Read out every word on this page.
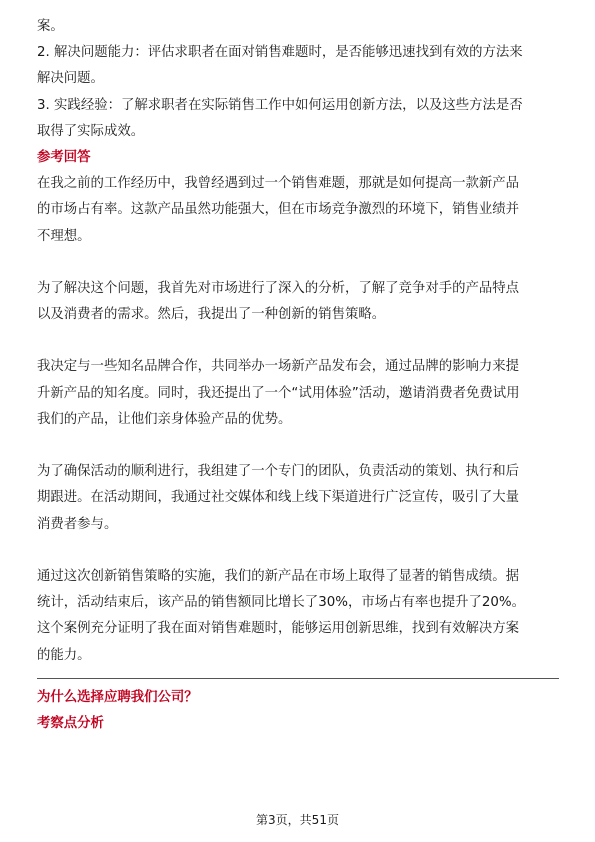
案。

2. 解决问题能力：评估求职者在面对销售难题时，是否能够迅速找到有效的方法来

解决问题。

3. 实践经验：了解求职者在实际销售工作中如何运用创新方法，以及这些方法是否

取得了实际成效。

参考回答

在我之前的工作经历中，我曾经遇到过一个销售难题，那就是如何提高一款新产品

的市场占有率。这款产品虽然功能强大，但在市场竞争激烈的环境下，销售业绩并

不理想。

为了解决这个问题，我首先对市场进行了深入的分析，了解了竞争对手的产品特点

以及消费者的需求。然后，我提出了一种创新的销售策略。

我决定与一些知名品牌合作，共同举办一场新产品发布会，通过品牌的影响力来提

升新产品的知名度。同时，我还提出了一个“试用体验”活动，邀请消费者免费试用

我们的产品，让他们亲身体验产品的优势。

为了确保活动的顺利进行，我组建了一个专门的团队，负责活动的策划、执行和后

期跟进。在活动期间，我通过社交媒体和线上线下渠道进行广泛宣传，吸引了大量

消费者参与。

通过这次创新销售策略的实施，我们的新产品在市场上取得了显著的销售成绩。据

统计，活动结束后，该产品的销售额同比增长了30%，市场占有率也提升了20%。

这个案例充分证明了我在面对销售难题时，能够运用创新思维，找到有效解决方案

的能力。

为什么选择应聘我们公司？

考察点分析

第3页，共51页
